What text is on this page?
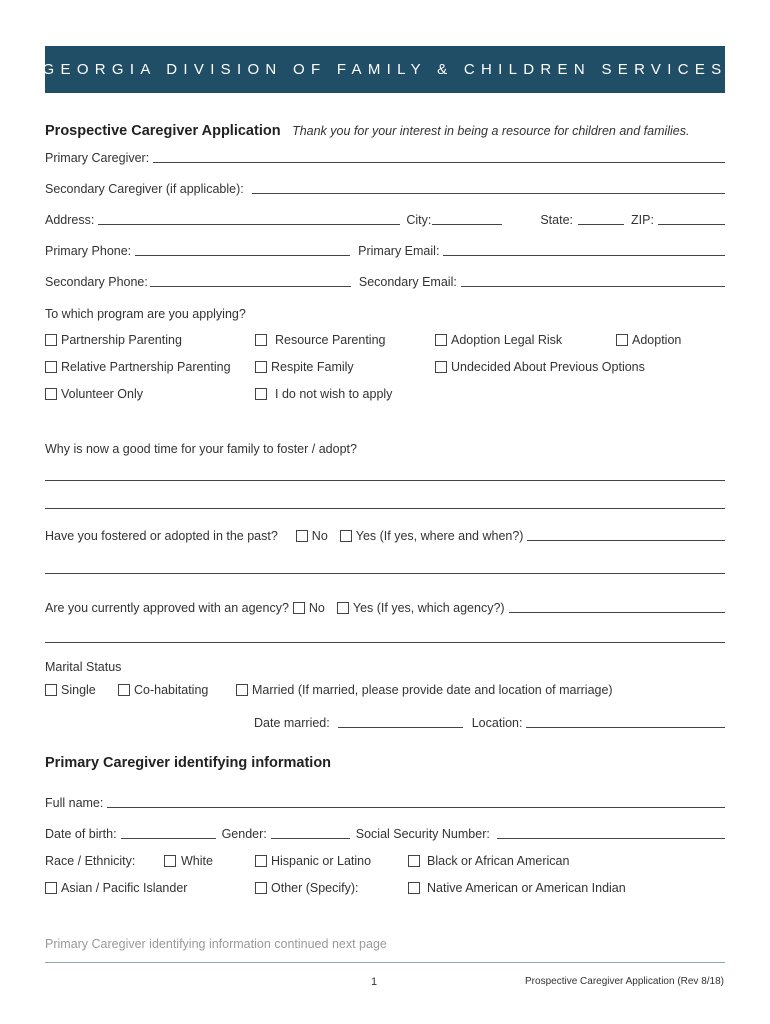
GEORGIA DIVISION OF FAMILY & CHILDREN SERVICES
Prospective Caregiver Application Thank you for your interest in being a resource for children and families.
Primary Caregiver:
Secondary Caregiver (if applicable):
Address:	City:	State:	ZIP:
Primary Phone:	Primary Email:
Secondary Phone:	Secondary Email:
To which program are you applying?
Partnership Parenting	Resource Parenting	Adoption Legal Risk	Adoption
Relative Partnership Parenting	Respite Family	Undecided About Previous Options
Volunteer Only	I do not wish to apply
Why is now a good time for your family to foster / adopt?
Have you fostered or adopted in the past?	No	Yes (If yes, where and when?)
Are you currently approved with an agency?	No	Yes (If yes, which agency?)
Marital Status
Single	Co-habitating	Married (If married, please provide date and location of marriage)
Date married:	Location:
Primary Caregiver identifying information
Full name:
Date of birth:	Gender:	Social Security Number:
Race / Ethnicity:	White	Hispanic or Latino	Black or African American
Asian / Pacific Islander	Other (Specify):	Native American or American Indian
Primary Caregiver identifying information continued next page
1	Prospective Caregiver Application (Rev 8/18)
